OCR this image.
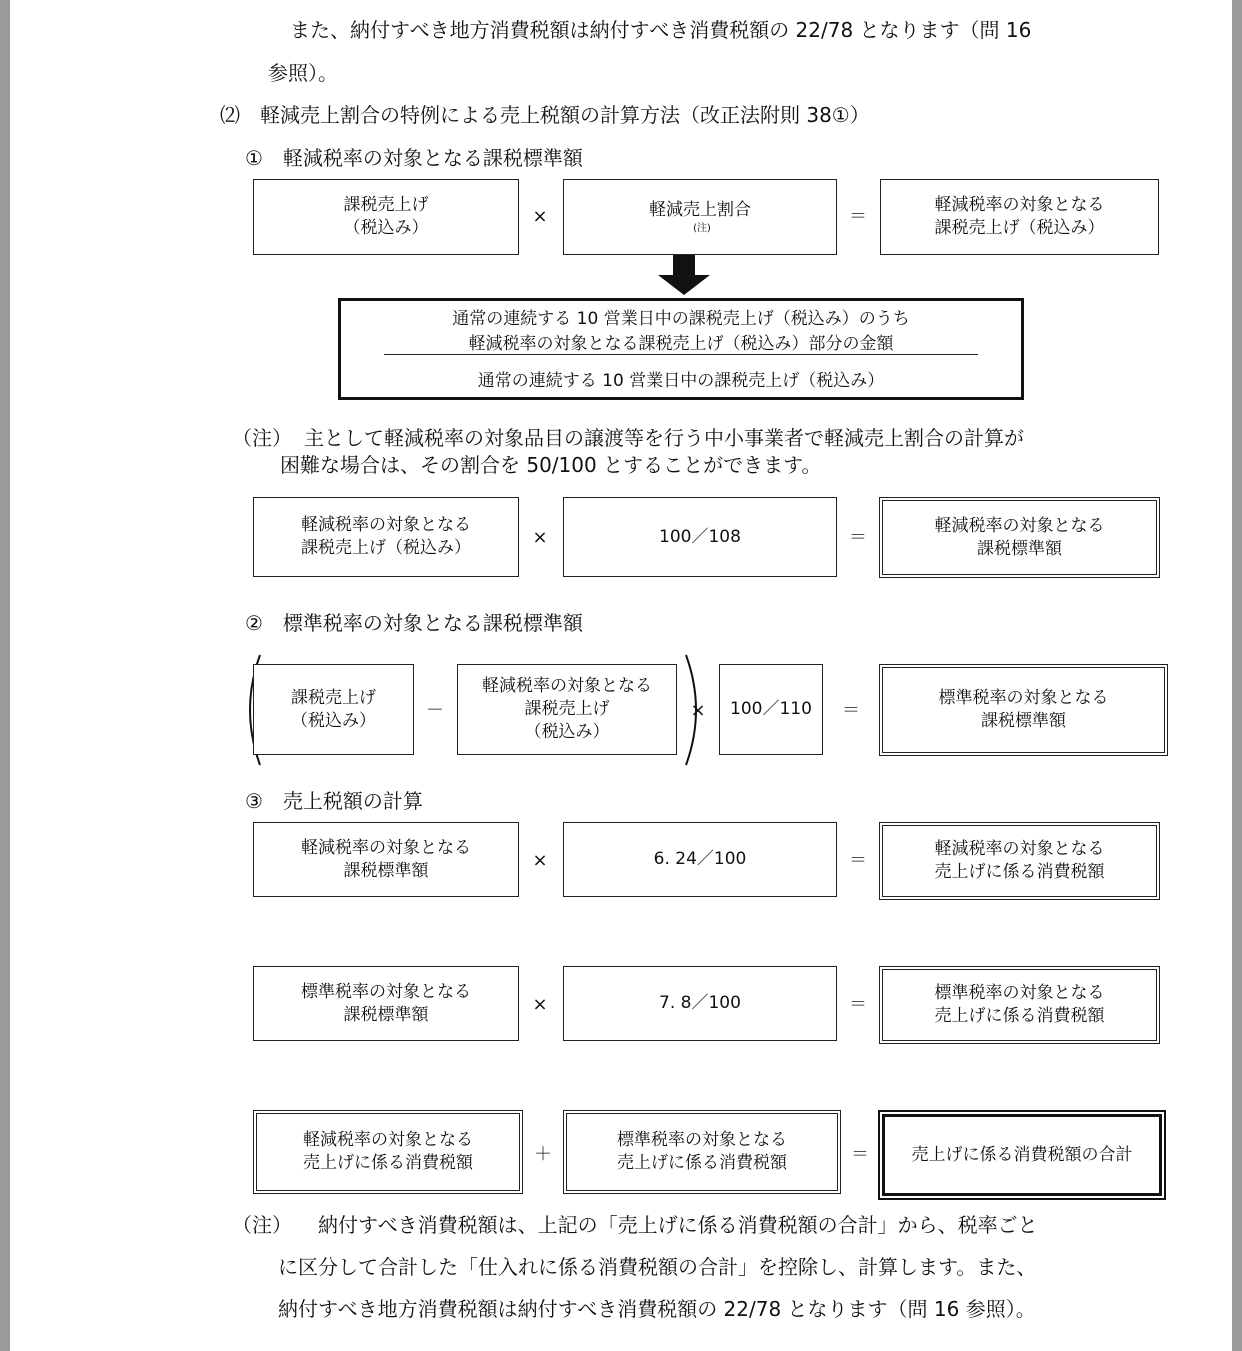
また、納付すべき地方消費税額は納付すべき消費税額の 22/78 となります（問 16
参照）。
⑵　軽減売上割合の特例による売上税額の計算方法（改正法附則 38①）
①　軽減税率の対象となる課税標準額
課税売上げ
（税込み）
×	軽減売上割合
(注)
＝
軽減税率の対象となる
課税売上げ（税込み）
通常の連続する 10 営業日中の課税売上げ（税込み）のうち
軽減税率の対象となる課税売上げ（税込み）部分の金額
通常の連続する 10 営業日中の課税売上げ（税込み）
（注） 主として軽減税率の対象品目の譲渡等を行う中小事業者で軽減売上割合の計算が
困難な場合は、その割合を 50/100 とすることができます。
軽減税率の対象となる
課税売上げ（税込み）	×	100／108	＝
軽減税率の対象となる
課税標準額
②　標準税率の対象となる課税標準額
課税売上げ
（税込み）	－
軽減税率の対象となる
課税売上げ
（税込み）
×	100／110	＝
標準税率の対象となる
課税標準額
③　売上税額の計算
軽減税率の対象となる
課税標準額	×	6. 24／100	＝
軽減税率の対象となる
売上げに係る消費税額
標準税率の対象となる
課税標準額	×	7. 8／100	＝
標準税率の対象となる
売上げに係る消費税額
軽減税率の対象となる
売上げに係る消費税額	＋
標準税率の対象となる
売上げに係る消費税額	＝	売上げに係る消費税額の合計
（注） 納付すべき消費税額は、上記の「売上げに係る消費税額の合計」から、税率ごと
に区分して合計した「仕入れに係る消費税額の合計」を控除し、計算します。また、
納付すべき地方消費税額は納付すべき消費税額の 22/78 となります（問 16 参照）。
